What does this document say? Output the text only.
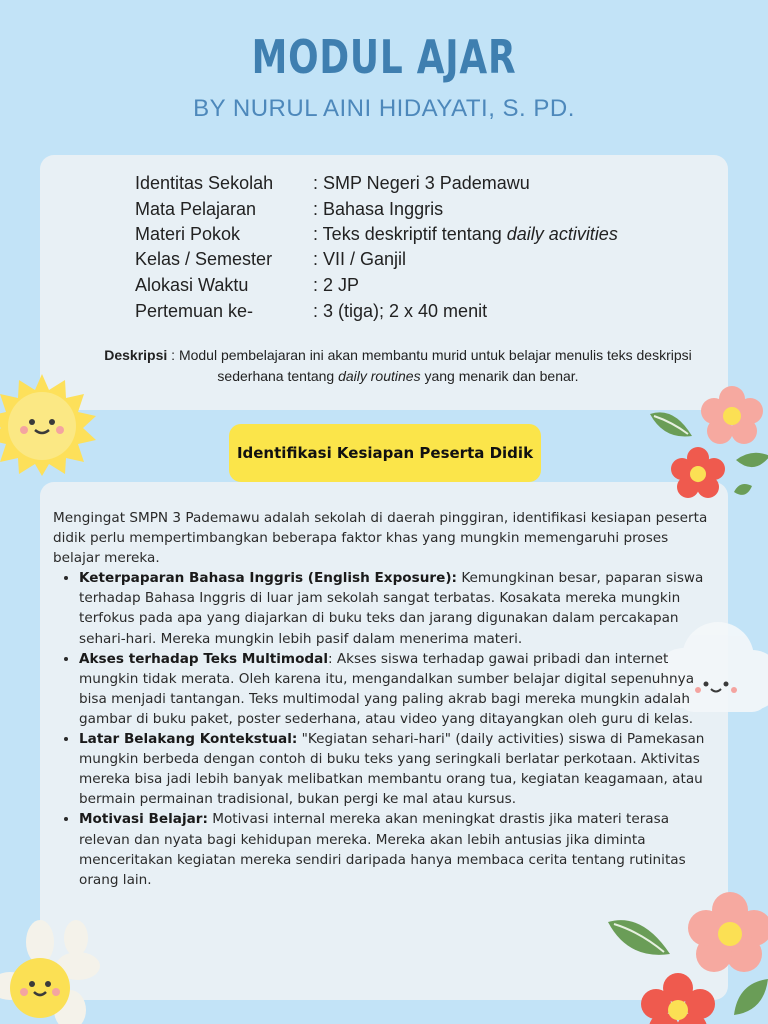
MODUL AJAR
BY NURUL AINI HIDAYATI, S. PD.
Identitas Sekolah : SMP Negeri 3 Pademawu
Mata Pelajaran	: Bahasa Inggris
Materi Pokok	: Teks deskriptif tentang daily activities
Kelas / Semester : VII / Ganjil
Alokasi Waktu	: 2 JP
Pertemuan ke-	: 3 (tiga); 2 x 40 menit
Deskripsi : Modul pembelajaran ini akan membantu murid untuk belajar menulis teks deskripsi sederhana tentang daily routines yang menarik dan benar.
Identifikasi Kesiapan Peserta Didik

Mengingat SMPN 3 Pademawu adalah sekolah di daerah pinggiran, identifikasi kesiapan peserta didik perlu mempertimbangkan beberapa faktor khas yang mungkin memengaruhi proses belajar mereka.

• Keterpaparan Bahasa Inggris (English Exposure): Kemungkinan besar, paparan siswa terhadap Bahasa Inggris di luar jam sekolah sangat terbatas. Kosakata mereka mungkin terfokus pada apa yang diajarkan di buku teks dan jarang digunakan dalam percakapan sehari-hari. Mereka mungkin lebih pasif dalam menerima materi.
• Akses terhadap Teks Multimodal: Akses siswa terhadap gawai pribadi dan internet mungkin tidak merata. Oleh karena itu, mengandalkan sumber belajar digital sepenuhnya bisa menjadi tantangan. Teks multimodal yang paling akrab bagi mereka mungkin adalah gambar di buku paket, poster sederhana, atau video yang ditayangkan oleh guru di kelas.
• Latar Belakang Kontekstual: "Kegiatan sehari-hari" (daily activities) siswa di Pamekasan mungkin berbeda dengan contoh di buku teks yang seringkali berlatar perkotaan. Aktivitas mereka bisa jadi lebih banyak melibatkan membantu orang tua, kegiatan keagamaan, atau bermain permainan tradisional, bukan pergi ke mal atau kursus.
• Motivasi Belajar: Motivasi internal mereka akan meningkat drastis jika materi terasa relevan dan nyata bagi kehidupan mereka. Mereka akan lebih antusias jika diminta menceritakan kegiatan mereka sendiri daripada hanya membaca cerita tentang rutinitas orang lain.
